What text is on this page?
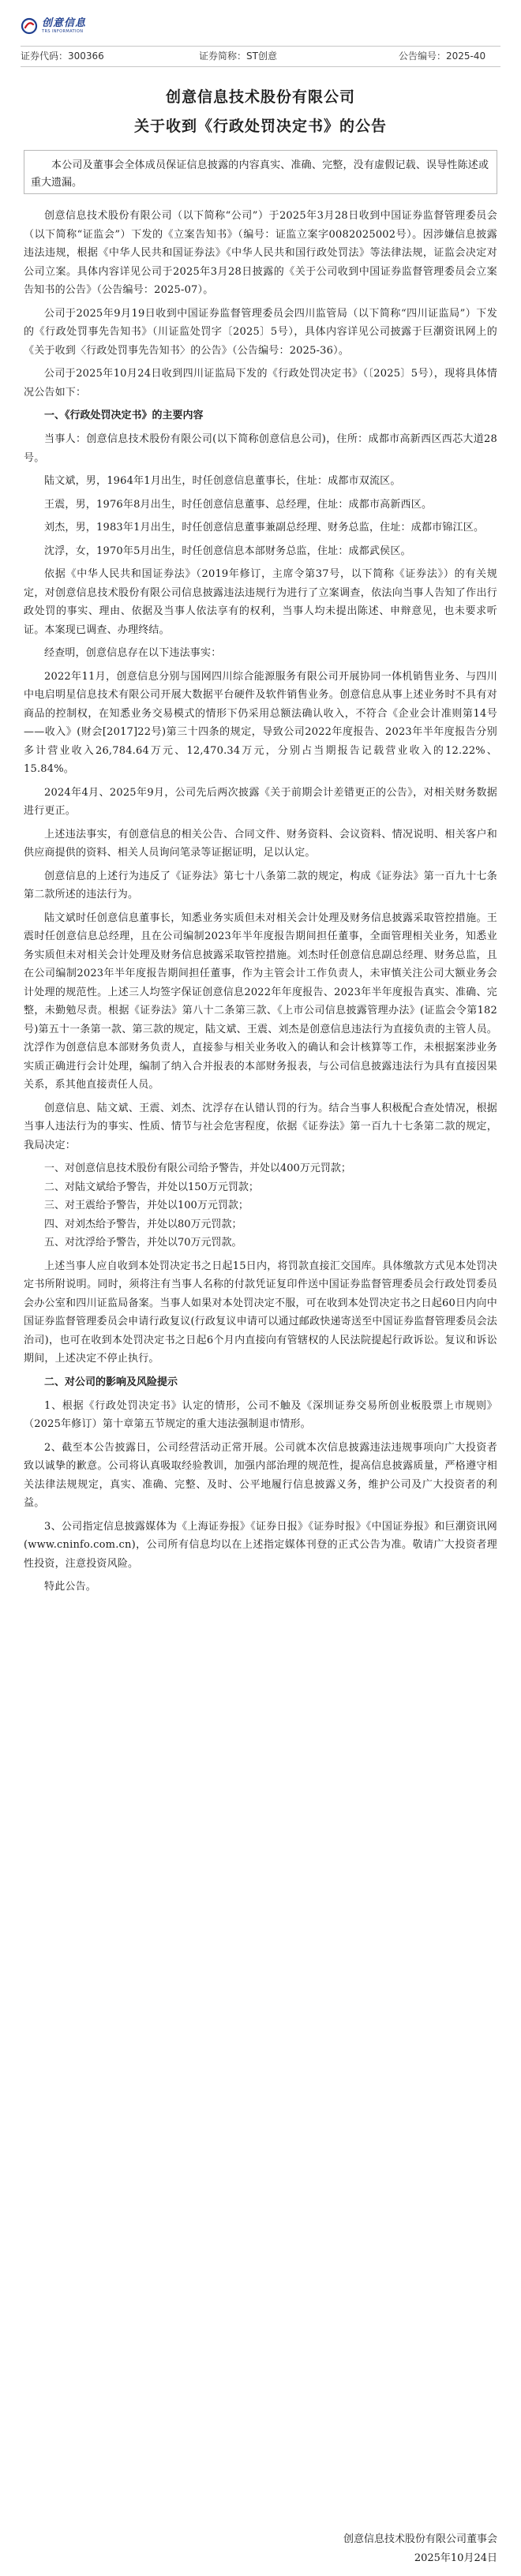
创意信息
TRS INFORMATION
证券代码：300366	证券简称：ST创意	公告编号：2025-40
创意信息技术股份有限公司
关于收到《行政处罚决定书》的公告

本公司及董事会全体成员保证信息披露的内容真实、准确、完整，没有虚假记载、误导性陈述或重大遗漏。

创意信息技术股份有限公司（以下简称“公司”）于2025年3月28日收到中国证券监督管理委员会（以下简称“证监会”）下发的《立案告知书》（编号：证监立案字0082025002号）。因涉嫌信息披露违法违规，根据《中华人民共和国证券法》《中华人民共和国行政处罚法》等法律法规，证监会决定对公司立案。具体内容详见公司于2025年3月28日披露的《关于公司收到中国证券监督管理委员会立案告知书的公告》（公告编号：2025-07）。

公司于2025年9月19日收到中国证券监督管理委员会四川监管局（以下简称“四川证监局”）下发的《行政处罚事先告知书》（川证监处罚字〔2025〕5号），具体内容详见公司披露于巨潮资讯网上的《关于收到〈行政处罚事先告知书〉的公告》（公告编号：2025-36）。

公司于2025年10月24日收到四川证监局下发的《行政处罚决定书》（〔2025〕5号），现将具体情况公告如下：

一、《行政处罚决定书》的主要内容

当事人：创意信息技术股份有限公司(以下简称创意信息公司)，住所：成都市高新西区西芯大道28号。

陆文斌，男，1964年1月出生，时任创意信息董事长，住址：成都市双流区。

王震，男，1976年8月出生，时任创意信息董事、总经理，住址：成都市高新西区。

刘杰，男，1983年1月出生，时任创意信息董事兼副总经理、财务总监，住址：成都市锦江区。

沈浮，女，1970年5月出生，时任创意信息本部财务总监，住址：成都武侯区。

依据《中华人民共和国证券法》（2019年修订，主席令第37号，以下简称《证券法》）的有关规定，对创意信息技术股份有限公司信息披露违法违规行为进行了立案调查，依法向当事人告知了作出行政处罚的事实、理由、依据及当事人依法享有的权利，当事人均未提出陈述、申辩意见，也未要求听证。本案现已调查、办理终结。

经查明，创意信息存在以下违法事实：

2022年11月，创意信息分别与国网四川综合能源服务有限公司开展协同一体机销售业务、与四川中电启明星信息技术有限公司开展大数据平台硬件及软件销售业务。创意信息从事上述业务时不具有对商品的控制权，在知悉业务交易模式的情形下仍采用总额法确认收入，不符合《企业会计准则第14号——收入》(财会[2017]22号)第三十四条的规定，导致公司2022年度报告、2023年半年度报告分别多计营业收入26,784.64万元、12,470.34万元，分别占当期报告记载营业收入的12.22%、15.84%。

2024年4月、2025年9月，公司先后两次披露《关于前期会计差错更正的公告》，对相关财务数据进行更正。

上述违法事实，有创意信息的相关公告、合同文件、财务资料、会议资料、情况说明、相关客户和供应商提供的资料、相关人员询问笔录等证据证明，足以认定。

创意信息的上述行为违反了《证券法》第七十八条第二款的规定，构成《证券法》第一百九十七条第二款所述的违法行为。

陆文斌时任创意信息董事长，知悉业务实质但未对相关会计处理及财务信息披露采取管控措施。王震时任创意信息总经理，且在公司编制2023年半年度报告期间担任董事，全面管理相关业务，知悉业务实质但未对相关会计处理及财务信息披露采取管控措施。刘杰时任创意信息副总经理、财务总监，且在公司编制2023年半年度报告期间担任董事，作为主管会计工作负责人，未审慎关注公司大额业务会计处理的规范性。上述三人均签字保证创意信息2022年年度报告、2023年半年度报告真实、准确、完整，未勤勉尽责。根据《证券法》第八十二条第三款、《上市公司信息披露管理办法》(证监会令第182号)第五十一条第一款、第三款的规定，陆文斌、王震、刘杰是创意信息违法行为直接负责的主管人员。沈浮作为创意信息本部财务负责人，直接参与相关业务收入的确认和会计核算等工作，未根据案涉业务实质正确进行会计处理，编制了纳入合并报表的本部财务报表，与公司信息披露违法行为具有直接因果关系，系其他直接责任人员。

创意信息、陆文斌、王震、刘杰、沈浮存在认错认罚的行为。结合当事人积极配合查处情况，根据当事人违法行为的事实、性质、情节与社会危害程度，依据《证券法》第一百九十七条第二款的规定，我局决定：

一、对创意信息技术股份有限公司给予警告，并处以400万元罚款；

二、对陆文斌给予警告，并处以150万元罚款；

三、对王震给予警告，并处以100万元罚款；

四、对刘杰给予警告，并处以80万元罚款；

五、对沈浮给予警告，并处以70万元罚款。

上述当事人应自收到本处罚决定书之日起15日内，将罚款直接汇交国库。具体缴款方式见本处罚决定书所附说明。同时，须将注有当事人名称的付款凭证复印件送中国证券监督管理委员会行政处罚委员会办公室和四川证监局备案。当事人如果对本处罚决定不服，可在收到本处罚决定书之日起60日内向中国证券监督管理委员会申请行政复议(行政复议申请可以通过邮政快递寄送至中国证券监督管理委员会法治司)，也可在收到本处罚决定书之日起6个月内直接向有管辖权的人民法院提起行政诉讼。复议和诉讼期间，上述决定不停止执行。

二、对公司的影响及风险提示

1、根据《行政处罚决定书》认定的情形，公司不触及《深圳证券交易所创业板股票上市规则》（2025年修订）第十章第五节规定的重大违法强制退市情形。

2、截至本公告披露日，公司经营活动正常开展。公司就本次信息披露违法违规事项向广大投资者致以诚挚的歉意。公司将认真吸取经验教训，加强内部治理的规范性，提高信息披露质量，严格遵守相关法律法规规定，真实、准确、完整、及时、公平地履行信息披露义务，维护公司及广大投资者的利益。

3、公司指定信息披露媒体为《上海证券报》《证券日报》《证券时报》《中国证券报》和巨潮资讯网(www.cninfo.com.cn)，公司所有信息均以在上述指定媒体刊登的正式公告为准。敬请广大投资者理性投资，注意投资风险。

特此公告。

创意信息技术股份有限公司董事会
2025年10月24日
